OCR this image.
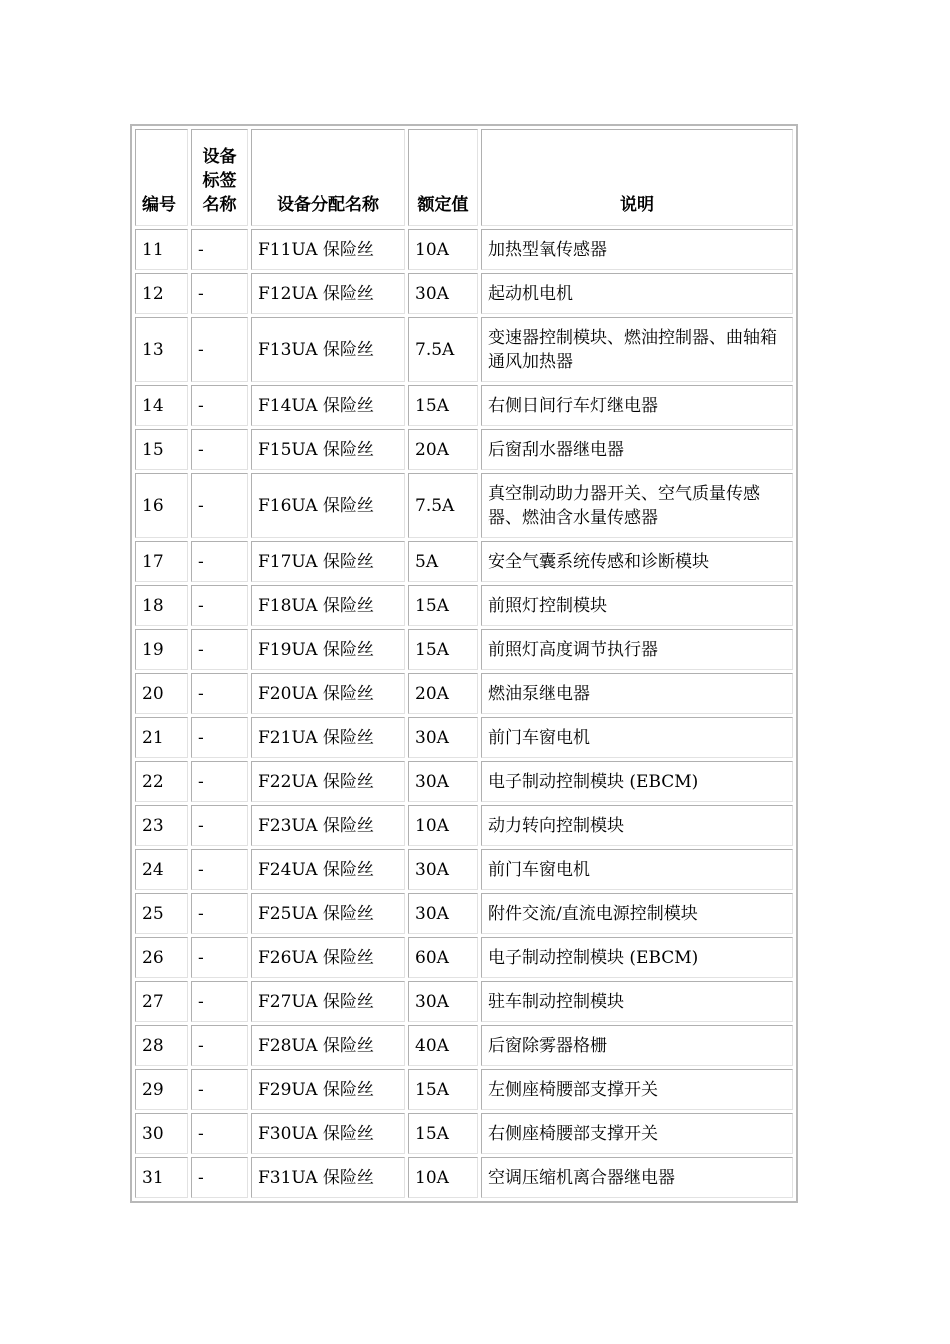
编号	设备标签名称	设备分配名称	额定值	说明
11	-	F11UA 保险丝	10A	加热型氧传感器
12	-	F12UA 保险丝	30A	起动机电机
13	-	F13UA 保险丝	7.5A	变速器控制模块、燃油控制器、曲轴箱通风加热器
14	-	F14UA 保险丝	15A	右侧日间行车灯继电器
15	-	F15UA 保险丝	20A	后窗刮水器继电器
16	-	F16UA 保险丝	7.5A	真空制动助力器开关、空气质量传感器、燃油含水量传感器
17	-	F17UA 保险丝	5A	安全气囊系统传感和诊断模块
18	-	F18UA 保险丝	15A	前照灯控制模块
19	-	F19UA 保险丝	15A	前照灯高度调节执行器
20	-	F20UA 保险丝	20A	燃油泵继电器
21	-	F21UA 保险丝	30A	前门车窗电机
22	-	F22UA 保险丝	30A	电子制动控制模块 (EBCM)
23	-	F23UA 保险丝	10A	动力转向控制模块
24	-	F24UA 保险丝	30A	前门车窗电机
25	-	F25UA 保险丝	30A	附件交流/直流电源控制模块
26	-	F26UA 保险丝	60A	电子制动控制模块 (EBCM)
27	-	F27UA 保险丝	30A	驻车制动控制模块
28	-	F28UA 保险丝	40A	后窗除雾器格栅
29	-	F29UA 保险丝	15A	左侧座椅腰部支撑开关
30	-	F30UA 保险丝	15A	右侧座椅腰部支撑开关
31	-	F31UA 保险丝	10A	空调压缩机离合器继电器
